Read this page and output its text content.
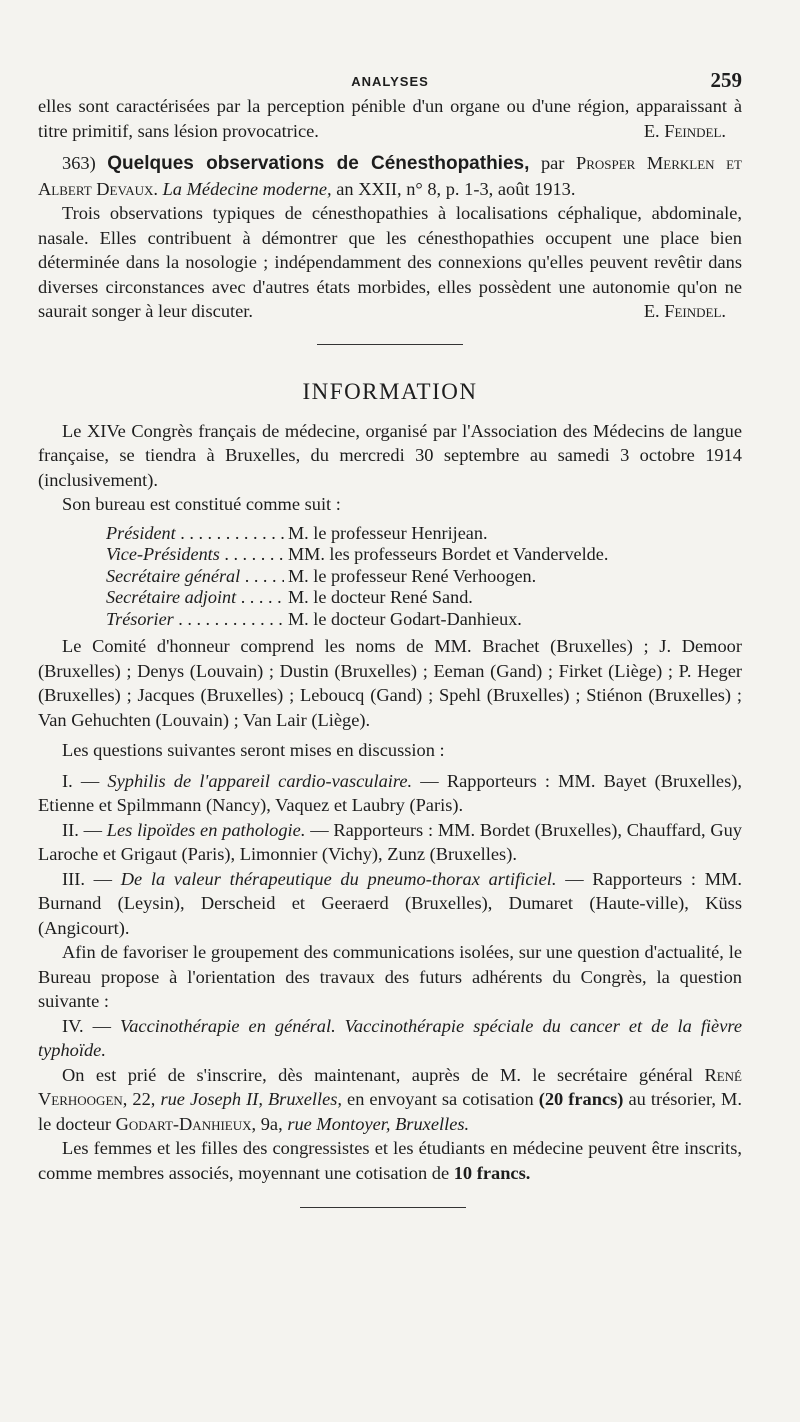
ANALYSES	259

elles sont caractérisées par la perception pénible d'un organe ou d'une région, apparaissant à titre primitif, sans lésion provocatrice.	E. Feindel.

363) Quelques observations de Cénesthopathies, par Prosper Merklen et Albert Devaux. La Médecine moderne, an XXII, n° 8, p. 1-3, août 1913.

Trois observations typiques de cénesthopathies à localisations céphalique, abdominale, nasale. Elles contribuent à démontrer que les cénesthopathies occupent une place bien déterminée dans la nosologie ; indépendamment des connexions qu'elles peuvent revêtir dans diverses circonstances avec d'autres états morbides, elles possèdent une autonomie qu'on ne saurait songer à leur discuter.	E. Feindel.

INFORMATION

Le XIVe Congrès français de médecine, organisé par l'Association des Médecins de langue française, se tiendra à Bruxelles, du mercredi 30 septembre au samedi 3 octobre 1914 (inclusivement).

Son bureau est constitué comme suit :

Président . . .	M. le professeur Henrijean.
Vice-Présidents . . .	MM. les professeurs Bordet et Vandervelde.
Secrétaire général . . .	M. le professeur René Verhoogen.
Secrétaire adjoint . . .	M. le docteur René Sand.
Trésorier . . .	M. le docteur Godart-Danhieux.

Le Comité d'honneur comprend les noms de MM. Brachet (Bruxelles) ; J. Demoor (Bruxelles) ; Denys (Louvain) ; Dustin (Bruxelles) ; Eeman (Gand) ; Firket (Liège) ; P. Heger (Bruxelles) ; Jacques (Bruxelles) ; Leboucq (Gand) ; Spehl (Bruxelles) ; Stiénon (Bruxelles) ; Van Gehuchten (Louvain) ; Van Lair (Liège).

Les questions suivantes seront mises en discussion :

I. — Syphilis de l'appareil cardio-vasculaire. — Rapporteurs : MM. Bayet (Bruxelles), Etienne et Spilmmann (Nancy), Vaquez et Laubry (Paris).

II. — Les lipoïdes en pathologie. — Rapporteurs : MM. Bordet (Bruxelles), Chauffard, Guy Laroche et Grigaut (Paris), Limonnier (Vichy), Zunz (Bruxelles).

III. — De la valeur thérapeutique du pneumo-thorax artificiel. — Rapporteurs : MM. Burnand (Leysin), Derscheid et Geeraerd (Bruxelles), Dumaret (Haute-ville), Küss (Angicourt).

Afin de favoriser le groupement des communications isolées, sur une question d'actualité, le Bureau propose à l'orientation des travaux des futurs adhérents du Congrès, la question suivante :

IV. — Vaccinothérapie en général. Vaccinothérapie spéciale du cancer et de la fièvre typhoïde.

On est prié de s'inscrire, dès maintenant, auprès de M. le secrétaire général René Verhoogen, 22, rue Joseph II, Bruxelles, en envoyant sa cotisation (20 francs) au trésorier, M. le docteur Godart-Danhieux, 9a, rue Montoyer, Bruxelles.

Les femmes et les filles des congressistes et les étudiants en médecine peuvent être inscrits, comme membres associés, moyennant une cotisation de 10 francs.
